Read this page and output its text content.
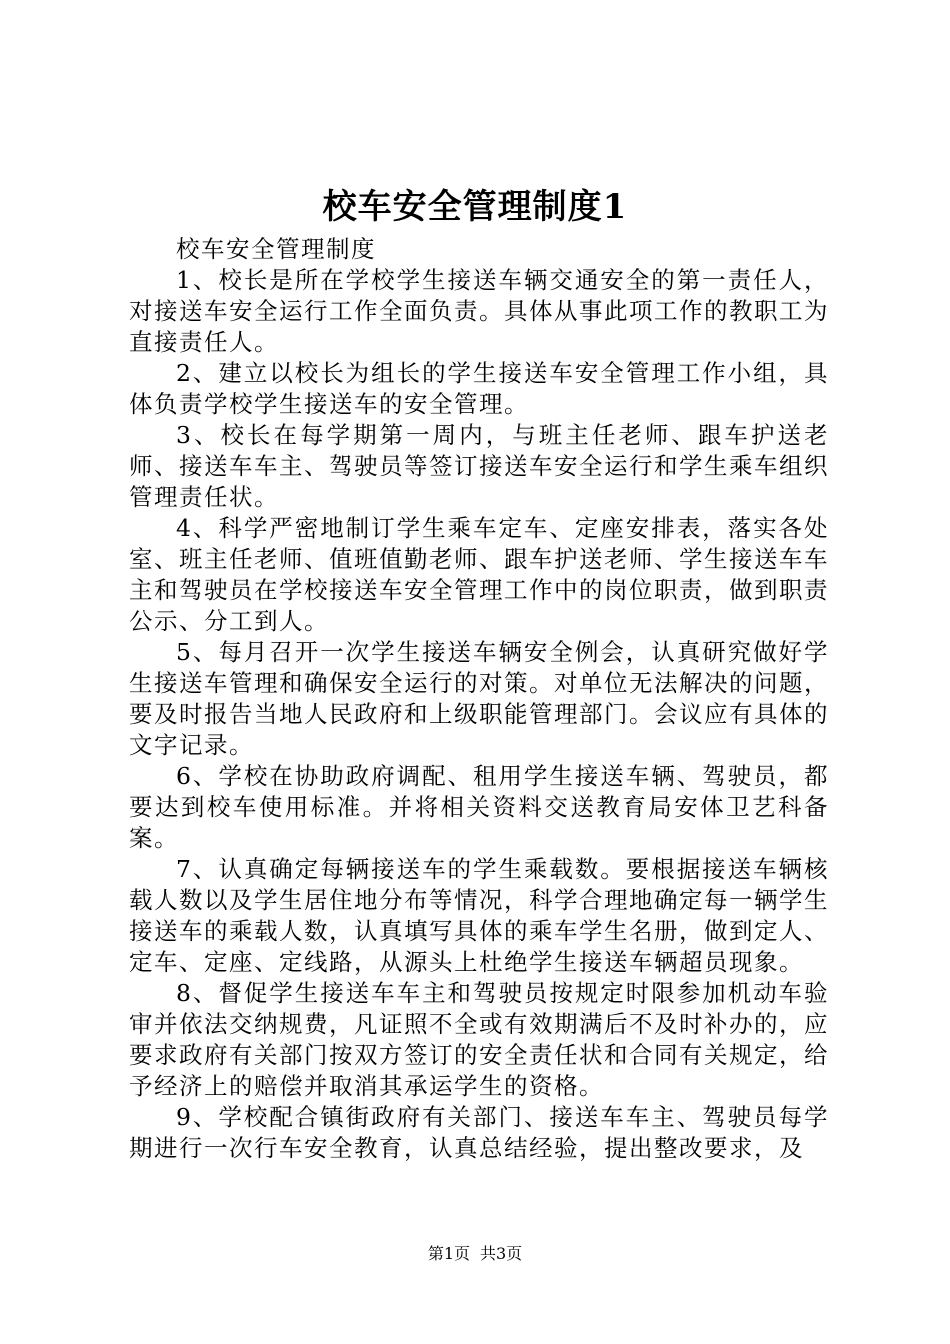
校车安全管理制度1

校车安全管理制度

1、校长是所在学校学生接送车辆交通安全的第一责任人，对接送车安全运行工作全面负责。具体从事此项工作的教职工为直接责任人。

2、建立以校长为组长的学生接送车安全管理工作小组，具体负责学校学生接送车的安全管理。

3、校长在每学期第一周内，与班主任老师、跟车护送老师、接送车车主、驾驶员等签订接送车安全运行和学生乘车组织管理责任状。

4、科学严密地制订学生乘车定车、定座安排表，落实各处室、班主任老师、值班值勤老师、跟车护送老师、学生接送车车主和驾驶员在学校接送车安全管理工作中的岗位职责，做到职责公示、分工到人。

5、每月召开一次学生接送车辆安全例会，认真研究做好学生接送车管理和确保安全运行的对策。对单位无法解决的问题，要及时报告当地人民政府和上级职能管理部门。会议应有具体的文字记录。

6、学校在协助政府调配、租用学生接送车辆、驾驶员，都要达到校车使用标准。并将相关资料交送教育局安体卫艺科备案。

7、认真确定每辆接送车的学生乘载数。要根据接送车辆核载人数以及学生居住地分布等情况，科学合理地确定每一辆学生接送车的乘载人数，认真填写具体的乘车学生名册，做到定人、定车、定座、定线路，从源头上杜绝学生接送车辆超员现象。

8、督促学生接送车车主和驾驶员按规定时限参加机动车验审并依法交纳规费，凡证照不全或有效期满后不及时补办的，应要求政府有关部门按双方签订的安全责任状和合同有关规定，给予经济上的赔偿并取消其承运学生的资格。

9、学校配合镇街政府有关部门、接送车车主、驾驶员每学期进行一次行车安全教育，认真总结经验，提出整改要求，及

第1页 共3页
